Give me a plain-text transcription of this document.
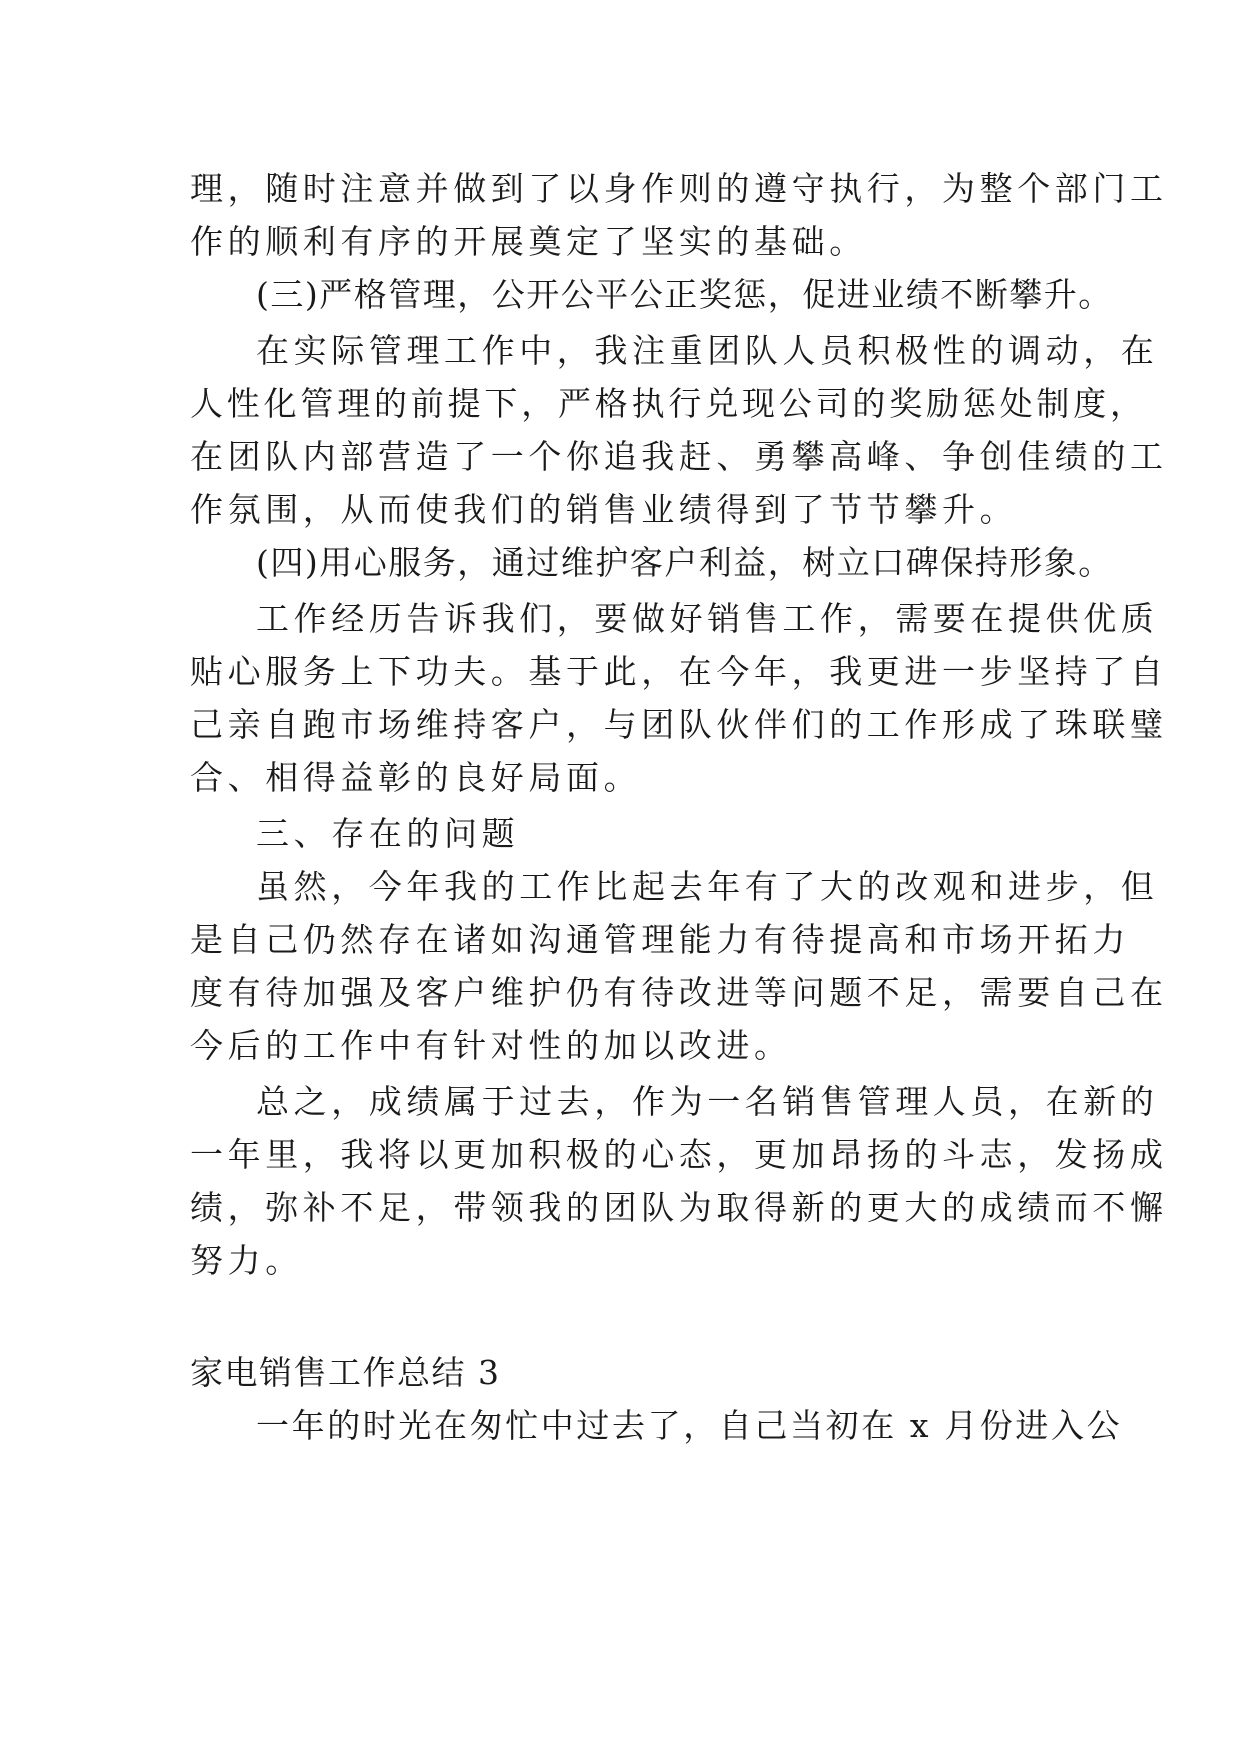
理，随时注意并做到了以身作则的遵守执行，为整个部门工
作的顺利有序的开展奠定了坚实的基础。
(三)严格管理，公开公平公正奖惩，促进业绩不断攀升。
在实际管理工作中，我注重团队人员积极性的调动，在
人性化管理的前提下，严格执行兑现公司的奖励惩处制度，
在团队内部营造了一个你追我赶、勇攀高峰、争创佳绩的工
作氛围，从而使我们的销售业绩得到了节节攀升。
(四)用心服务，通过维护客户利益，树立口碑保持形象。
工作经历告诉我们，要做好销售工作，需要在提供优质
贴心服务上下功夫。基于此，在今年，我更进一步坚持了自
己亲自跑市场维持客户，与团队伙伴们的工作形成了珠联璧
合、相得益彰的良好局面。
三、存在的问题
虽然，今年我的工作比起去年有了大的改观和进步，但
是自己仍然存在诸如沟通管理能力有待提高和市场开拓力
度有待加强及客户维护仍有待改进等问题不足，需要自己在
今后的工作中有针对性的加以改进。
总之，成绩属于过去，作为一名销售管理人员，在新的
一年里，我将以更加积极的心态，更加昂扬的斗志，发扬成
绩，弥补不足，带领我的团队为取得新的更大的成绩而不懈
努力。
家电销售工作总结 3
一年的时光在匆忙中过去了，自己当初在 x 月份进入公
